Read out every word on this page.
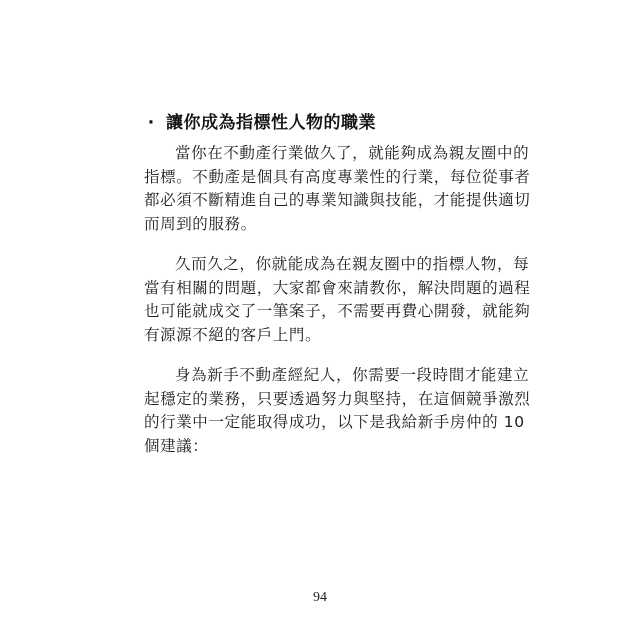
‧ 讓你成為指標性人物的職業

當你在不動產行業做久了，就能夠成為親友圈中的
指標。不動產是個具有高度專業性的行業，每位從事者
都必須不斷精進自己的專業知識與技能，才能提供適切
而周到的服務。

久而久之，你就能成為在親友圈中的指標人物，每
當有相關的問題，大家都會來請教你，解決問題的過程
也可能就成交了一筆案子，不需要再費心開發，就能夠
有源源不絕的客戶上門。

身為新手不動產經紀人，你需要一段時間才能建立
起穩定的業務，只要透過努力與堅持，在這個競爭激烈
的行業中一定能取得成功，以下是我給新手房仲的 10
個建議：

94
